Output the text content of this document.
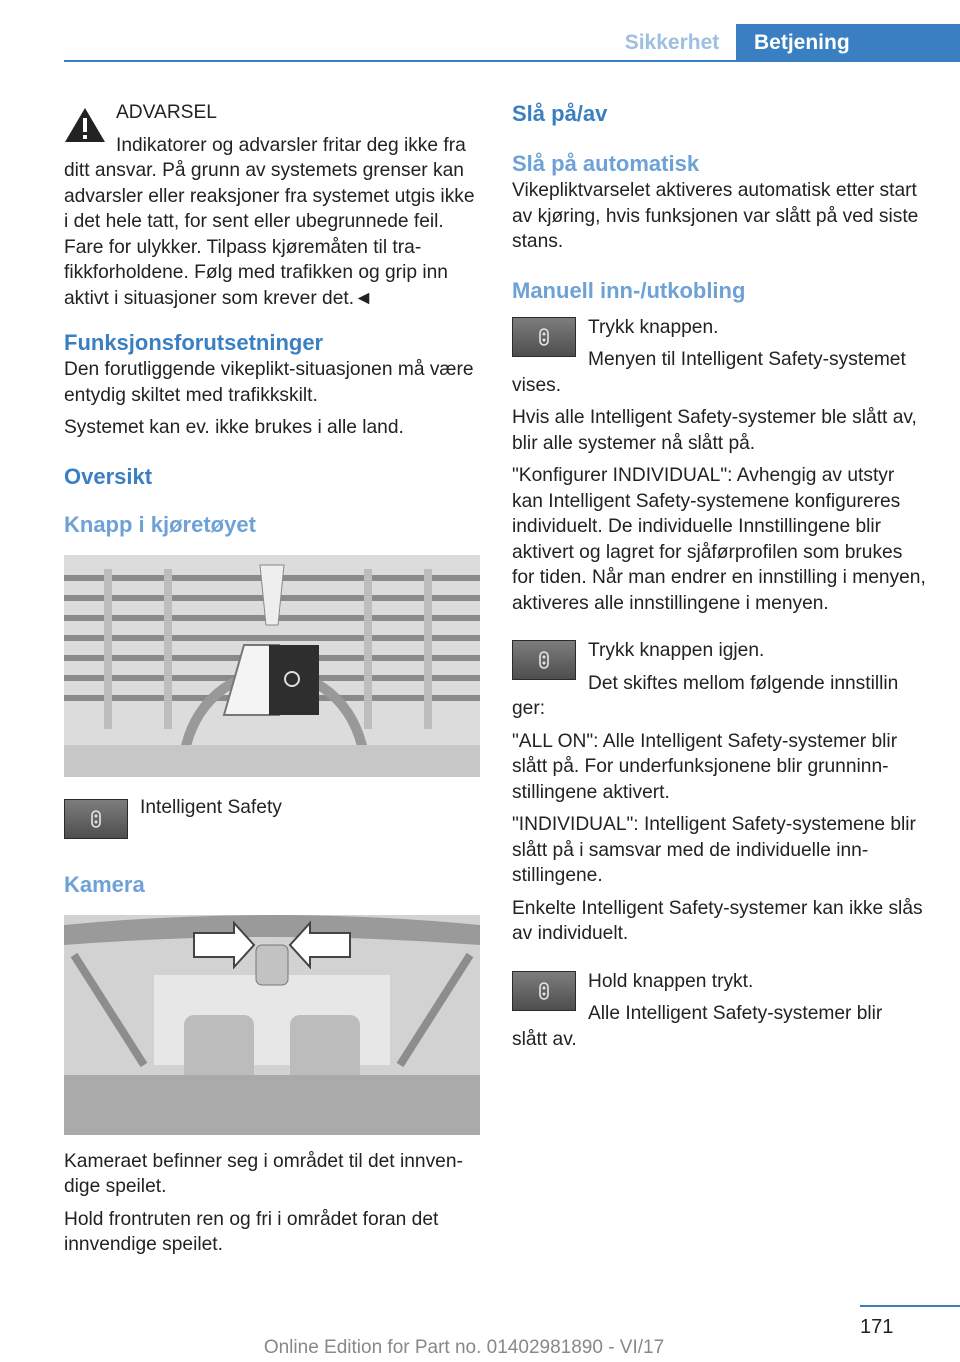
Sikkerhet	Betjening
ADVARSEL
Indikatorer og advarsler fritar deg ikke fra
ditt ansvar. På grunn av systemets grenser kan advarsler eller reaksjoner fra systemet utgis ikke i det hele tatt, for sent eller ubegrunnede feil. Fare for ulykker. Tilpass kjøremåten til trafikkforholdene. Følg med trafikken og grip inn aktivt i situasjoner som krever det.◄
Funksjonsforutsetninger

Den forutliggende vikeplikt-situasjonen må være entydig skiltet med trafikkskilt.

Systemet kan ev. ikke brukes i alle land.

Oversikt
Knapp i kjøretøyet
Intelligent Safety
Kamera

Kameraet befinner seg i området til det innvendige speilet.

Hold frontruten ren og fri i området foran det innvendige speilet.

Slå på/av
Slå på automatisk

Vikepliktvarselet aktiveres automatisk etter start av kjøring, hvis funksjonen var slått på ved siste stans.

Manuell inn-/utkobling
Trykk knappen.
Menyen til Intelligent Safety-systemet

vises.

Hvis alle Intelligent Safety-systemer ble slått av, blir alle systemer nå slått på.

"Konfigurer INDIVIDUAL": Avhengig av utstyr kan Intelligent Safety-systemene konfigureres individuelt. De individuelle Innstillingene blir aktivert og lagret for sjåførprofilen som brukes for tiden. Når man endrer en innstilling i menyen, aktiveres alle innstillingene i menyen.

Trykk knappen igjen.
Det skiftes mellom følgende innstillin

ger:

"ALL ON": Alle Intelligent Safety-systemer blir slått på. For underfunksjonene blir grunninnstillingene aktivert.

"INDIVIDUAL": Intelligent Safety-systemene blir slått på i samsvar med de individuelle innstillingene.

Enkelte Intelligent Safety-systemer kan ikke slås av individuelt.

Hold knappen trykt.
Alle Intelligent Safety-systemer blir

slått av.

171
Online Edition for Part no. 01402981890 - VI/17
